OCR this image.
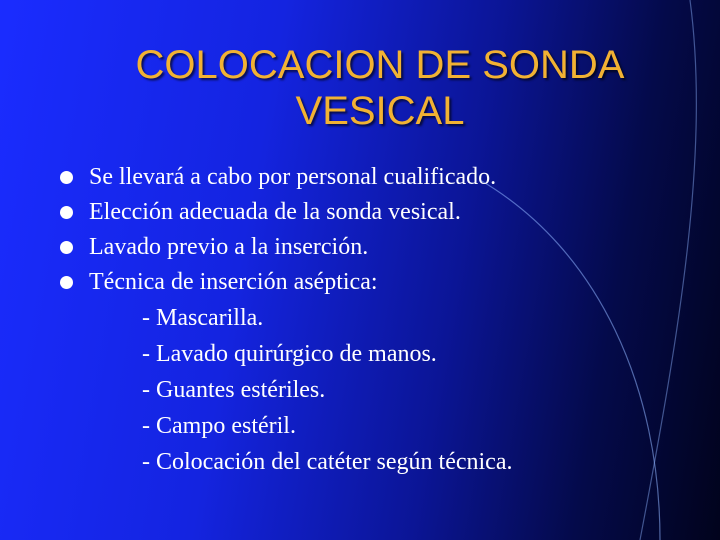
COLOCACION DE SONDA
VESICAL
Se llevará a cabo por personal cualificado.
Elección adecuada de la sonda vesical.
Lavado previo a la inserción.
Técnica de inserción aséptica:
- Mascarilla.
- Lavado quirúrgico de manos.
- Guantes estériles.
- Campo estéril.
- Colocación del catéter según técnica.
